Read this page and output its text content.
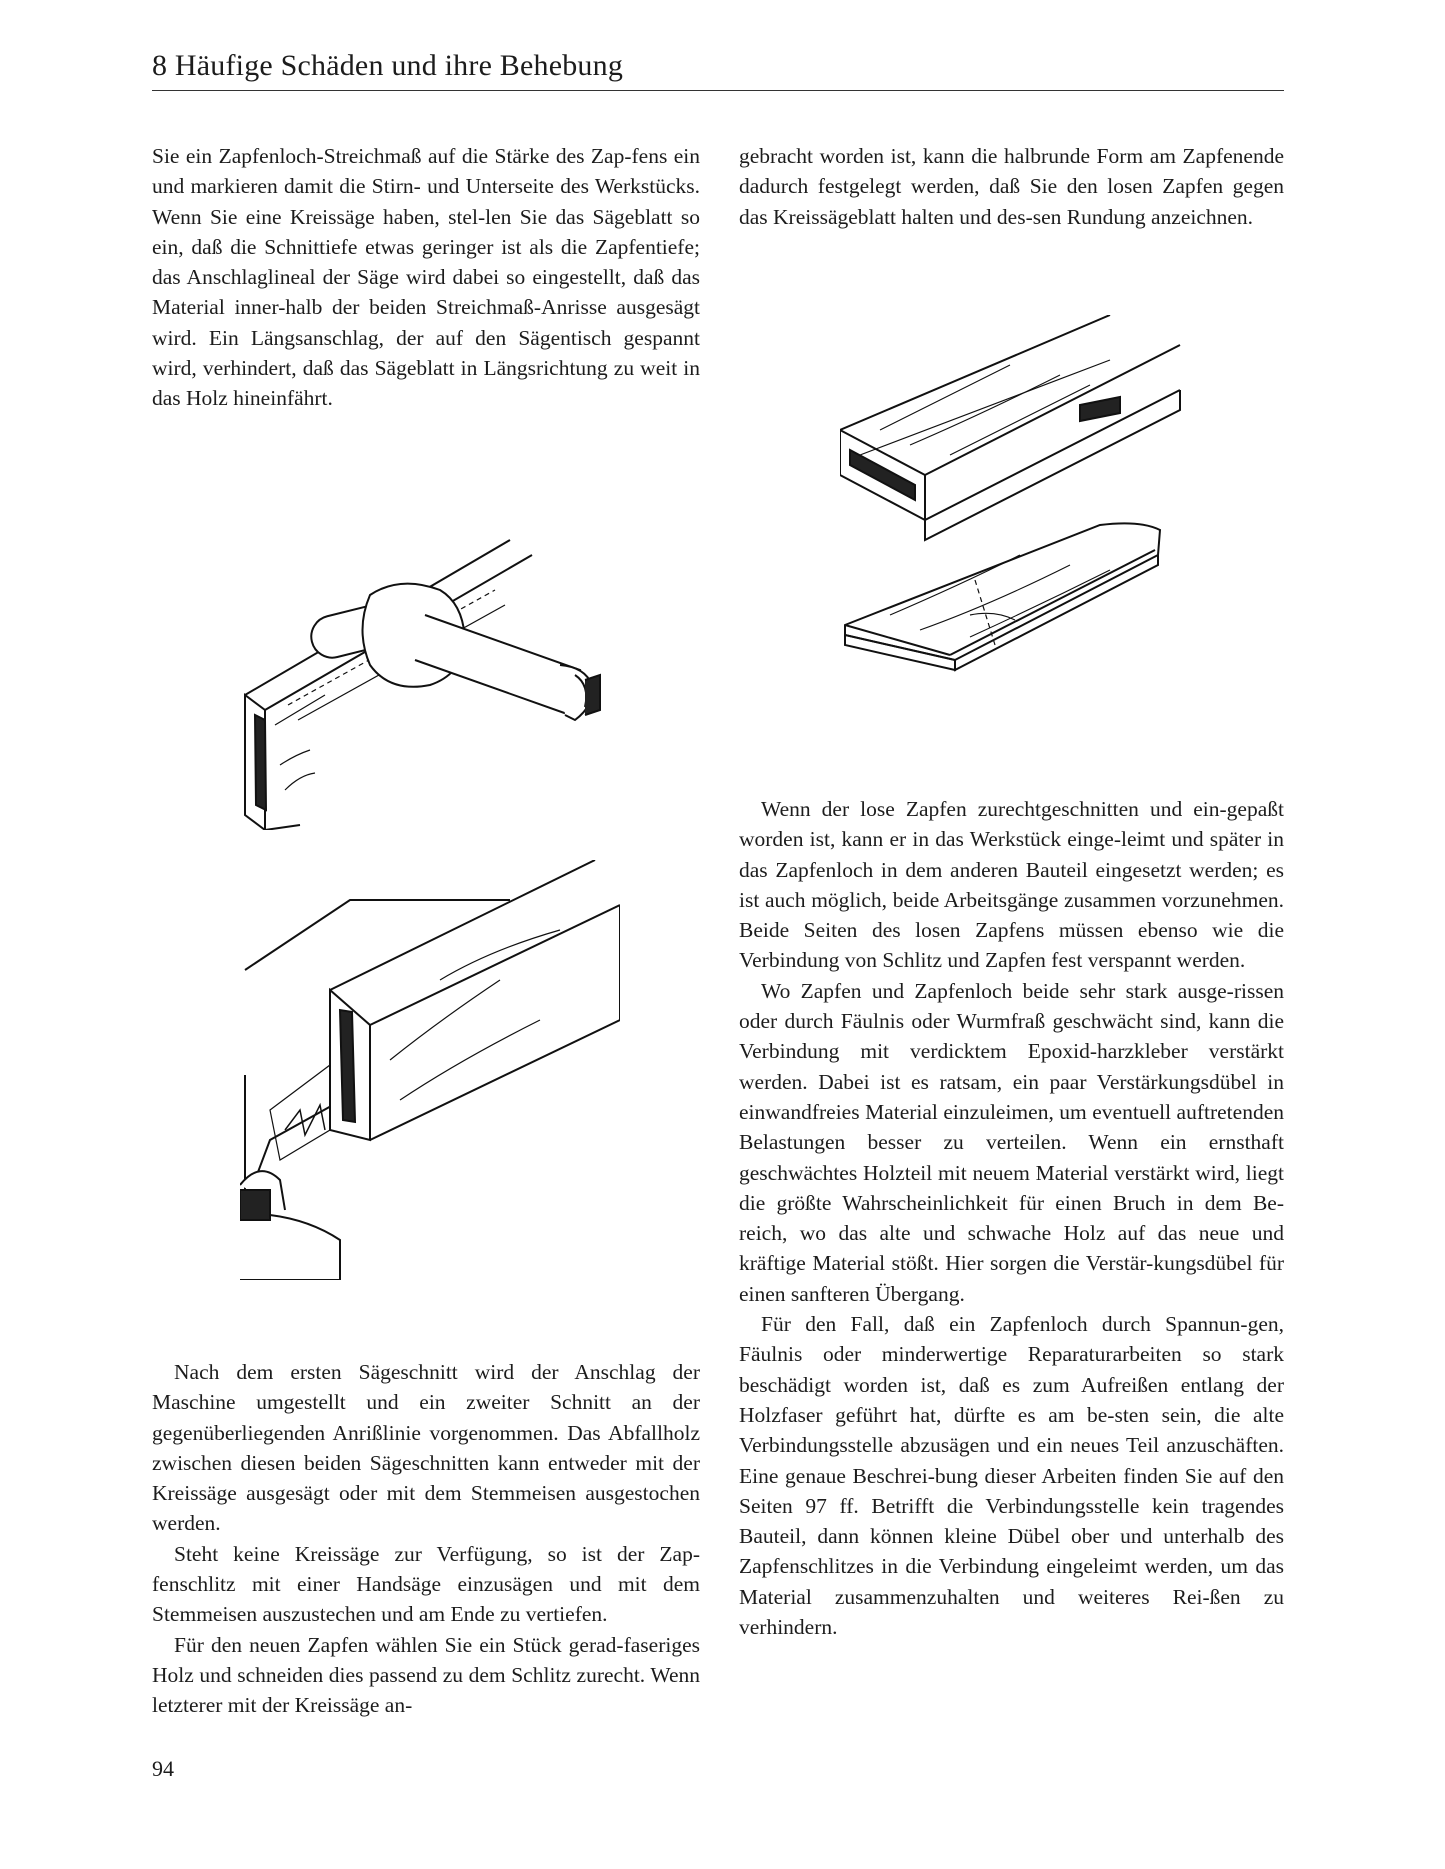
8 Häufige Schäden und ihre Behebung

Sie ein Zapfenloch-Streichmaß auf die Stärke des Zap-fens ein und markieren damit die Stirn- und Unterseite des Werkstücks. Wenn Sie eine Kreissäge haben, stel-len Sie das Sägeblatt so ein, daß die Schnittiefe etwas geringer ist als die Zapfentiefe; das Anschlaglineal der Säge wird dabei so eingestellt, daß das Material inner-halb der beiden Streichmaß-Anrisse ausgesägt wird. Ein Längsanschlag, der auf den Sägentisch gespannt wird, verhindert, daß das Sägeblatt in Längsrichtung zu weit in das Holz hineinfährt.

Nach dem ersten Sägeschnitt wird der Anschlag der Maschine umgestellt und ein zweiter Schnitt an der gegenüberliegenden Anrißlinie vorgenommen. Das Abfallholz zwischen diesen beiden Sägeschnitten kann entweder mit der Kreissäge ausgesägt oder mit dem Stemmeisen ausgestochen werden.

Steht keine Kreissäge zur Verfügung, so ist der Zap-fenschlitz mit einer Handsäge einzusägen und mit dem Stemmeisen auszustechen und am Ende zu vertiefen.

Für den neuen Zapfen wählen Sie ein Stück gerad-faseriges Holz und schneiden dies passend zu dem Schlitz zurecht. Wenn letzterer mit der Kreissäge an-

gebracht worden ist, kann die halbrunde Form am Zapfenende dadurch festgelegt werden, daß Sie den losen Zapfen gegen das Kreissägeblatt halten und des-sen Rundung anzeichnen.

Wenn der lose Zapfen zurechtgeschnitten und ein-gepaßt worden ist, kann er in das Werkstück einge-leimt und später in das Zapfenloch in dem anderen Bauteil eingesetzt werden; es ist auch möglich, beide Arbeitsgänge zusammen vorzunehmen. Beide Seiten des losen Zapfens müssen ebenso wie die Verbindung von Schlitz und Zapfen fest verspannt werden.

Wo Zapfen und Zapfenloch beide sehr stark ausge-rissen oder durch Fäulnis oder Wurmfraß geschwächt sind, kann die Verbindung mit verdicktem Epoxid-harzkleber verstärkt werden. Dabei ist es ratsam, ein paar Verstärkungsdübel in einwandfreies Material einzuleimen, um eventuell auftretenden Belastungen besser zu verteilen. Wenn ein ernsthaft geschwächtes Holzteil mit neuem Material verstärkt wird, liegt die größte Wahrscheinlichkeit für einen Bruch in dem Be-reich, wo das alte und schwache Holz auf das neue und kräftige Material stößt. Hier sorgen die Verstär-kungsdübel für einen sanfteren Übergang.

Für den Fall, daß ein Zapfenloch durch Spannun-gen, Fäulnis oder minderwertige Reparaturarbeiten so stark beschädigt worden ist, daß es zum Aufreißen entlang der Holzfaser geführt hat, dürfte es am be-sten sein, die alte Verbindungsstelle abzusägen und ein neues Teil anzuschäften. Eine genaue Beschrei-bung dieser Arbeiten finden Sie auf den Seiten 97 ff. Betrifft die Verbindungsstelle kein tragendes Bauteil, dann können kleine Dübel ober und unterhalb des Zapfenschlitzes in die Verbindung eingeleimt werden, um das Material zusammenzuhalten und weiteres Rei-ßen zu verhindern.

94
